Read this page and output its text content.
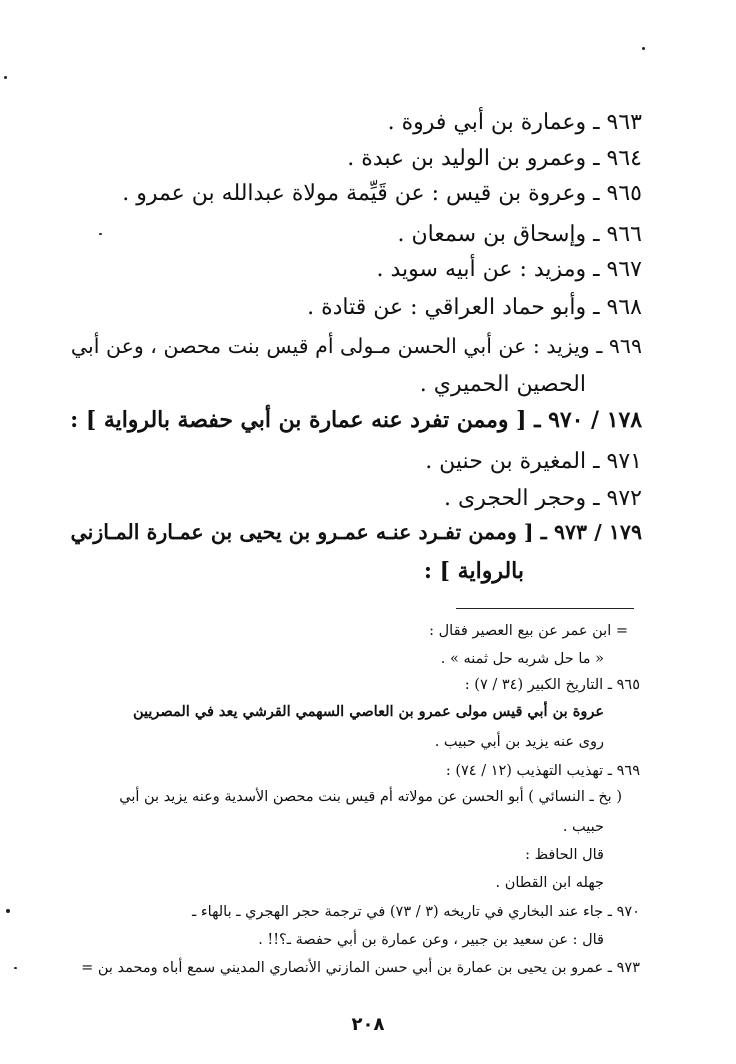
٩٦٣ ـ وعمارة بن أبي فروة .
٩٦٤ ـ وعمرو بن الوليد بن عبدة .
٩٦٥ ـ وعروة بن قيس : عن قَيِّمة مولاة عبدالله بن عمرو .
٩٦٦ ـ وإسحاق بن سمعان .
٩٦٧ ـ ومزيد : عن أبيه سويد .
٩٦٨ ـ وأبو حماد العراقي : عن قتادة .
٩٦٩ ـ ويزيد : عن أبي الحسن مـولى أم قيس بنت محصن ، وعن أبي
الحصين الحميري .
١٧٨ / ٩٧٠ ـ [ وممن تفرد عنه عمارة بن أبي حفصة بالرواية ] :
٩٧١ ـ المغيرة بن حنين .
٩٧٢ ـ وحجر الحجرى .
١٧٩ / ٩٧٣ ـ [ وممن تفـرد عنـه عمـرو بن يحيى بن عمـارة المـازني
بالرواية ] :
= ابن عمر عن بيع العصير فقال :
« ما حل شربه حل ثمنه » .
٩٦٥ ـ التاريخ الكبير (٣٤ / ٧) :
عروة بن أبي قيس مولى عمرو بن العاصي السهمي القرشي يعد في المصريين
روى عنه يزيد بن أبي حبيب .
٩٦٩ ـ تهذيب التهذيب (١٢ / ٧٤) :
( بخ ـ النسائي ) أبو الحسن عن مولاته أم قيس بنت محصن الأسدية وعنه يزيد بن أبي
حبيب .
قال الحافظ :
جهله ابن القطان .
٩٧٠ ـ جاء عند البخاري في تاريخه (٣ / ٧٣) في ترجمة حجر الهجري ـ بالهاء ـ
قال : عن سعيد بن جبير ، وعن عمارة بن أبي حفصة ـ؟!! .
٩٧٣ ـ عمرو بن يحيى بن عمارة بن أبي حسن المازني الأنصاري المديني سمع أباه ومحمد بن =
٢٠٨
